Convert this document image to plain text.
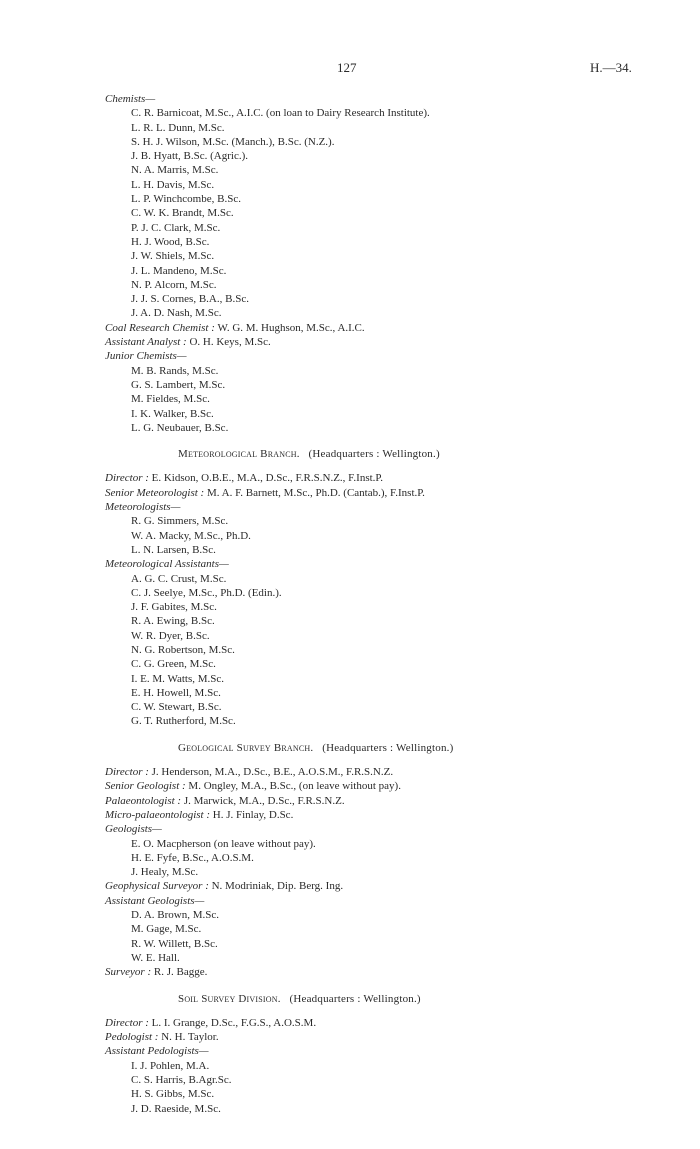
127	H.—34.
Chemists—
C. R. Barnicoat, M.Sc., A.I.C. (on loan to Dairy Research Institute).
L. R. L. Dunn, M.Sc.
S. H. J. Wilson, M.Sc. (Manch.), B.Sc. (N.Z.).
J. B. Hyatt, B.Sc. (Agric.).
N. A. Marris, M.Sc.
L. H. Davis, M.Sc.
L. P. Winchcombe, B.Sc.
C. W. K. Brandt, M.Sc.
P. J. C. Clark, M.Sc.
H. J. Wood, B.Sc.
J. W. Shiels, M.Sc.
J. L. Mandeno, M.Sc.
N. P. Alcorn, M.Sc.
J. J. S. Cornes, B.A., B.Sc.
J. A. D. Nash, M.Sc.
Coal Research Chemist : W. G. M. Hughson, M.Sc., A.I.C.
Assistant Analyst : O. H. Keys, M.Sc.
Junior Chemists—
M. B. Rands, M.Sc.
G. S. Lambert, M.Sc.
M. Fieldes, M.Sc.
I. K. Walker, B.Sc.
L. G. Neubauer, B.Sc.
Meteorological Branch. (Headquarters : Wellington.)
Director : E. Kidson, O.B.E., M.A., D.Sc., F.R.S.N.Z., F.Inst.P.
Senior Meteorologist : M. A. F. Barnett, M.Sc., Ph.D. (Cantab.), F.Inst.P.
Meteorologists—
R. G. Simmers, M.Sc.
W. A. Macky, M.Sc., Ph.D.
L. N. Larsen, B.Sc.
Meteorological Assistants—
A. G. C. Crust, M.Sc.
C. J. Seelye, M.Sc., Ph.D. (Edin.).
J. F. Gabites, M.Sc.
R. A. Ewing, B.Sc.
W. R. Dyer, B.Sc.
N. G. Robertson, M.Sc.
C. G. Green, M.Sc.
I. E. M. Watts, M.Sc.
E. H. Howell, M.Sc.
C. W. Stewart, B.Sc.
G. T. Rutherford, M.Sc.
Geological Survey Branch. (Headquarters : Wellington.)
Director : J. Henderson, M.A., D.Sc., B.E., A.O.S.M., F.R.S.N.Z.
Senior Geologist : M. Ongley, M.A., B.Sc., (on leave without pay).
Palaeontologist : J. Marwick, M.A., D.Sc., F.R.S.N.Z.
Micro-palaeontologist : H. J. Finlay, D.Sc.
Geologists—
E. O. Macpherson (on leave without pay).
H. E. Fyfe, B.Sc., A.O.S.M.
J. Healy, M.Sc.
Geophysical Surveyor : N. Modriniak, Dip. Berg. Ing.
Assistant Geologists—
D. A. Brown, M.Sc.
M. Gage, M.Sc.
R. W. Willett, B.Sc.
W. E. Hall.
Surveyor : R. J. Bagge.
Soil Survey Division. (Headquarters : Wellington.)
Director : L. I. Grange, D.Sc., F.G.S., A.O.S.M.
Pedologist : N. H. Taylor.
Assistant Pedologists—
I. J. Pohlen, M.A.
C. S. Harris, B.Agr.Sc.
H. S. Gibbs, M.Sc.
J. D. Raeside, M.Sc.
